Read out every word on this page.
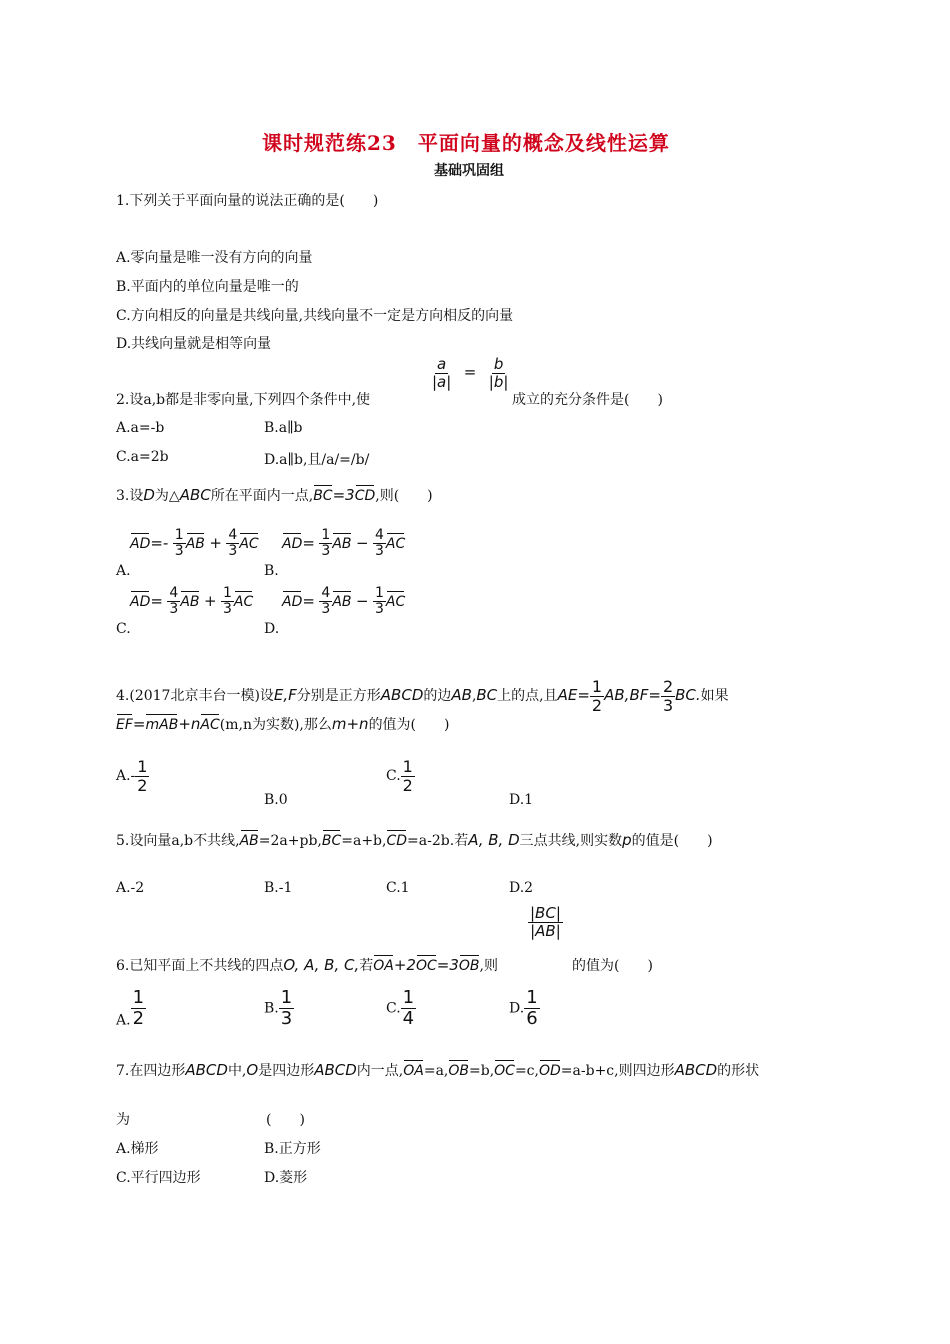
课时规范练23　平面向量的概念及线性运算
基础巩固组
1.下列关于平面向量的说法正确的是(　　)
A.零向量是唯一没有方向的向量
B.平面内的单位向量是唯一的
C.方向相反的向量是共线向量,共线向量不一定是方向相反的向量
D.共线向量就是相等向量
2.设a,b都是非零向量,下列四个条件中,使
$\frac{a}{|a|} = \frac{b}{|b|}$
成立的充分条件是(　　)
A.a=-b	B.a∥b
C.a=2b	D.a∥b,且/a/=/b/
3.设D为△ABC所在平面内一点,BC=3CD,则(　　)
A.
$AD=- \frac{1}{3}$ AB + $\frac{4}{3}$ AC
B.
$AD= \frac{1}{3}$ AB − $\frac{4}{3}$ AC
C.
$AD= \frac{4}{3}$ AB + $\frac{1}{3}$ AC
D.
$AD= \frac{4}{3}$ AB − $\frac{1}{3}$ AC
4.(2017北京丰台一模)设E,F分别是正方形ABCD的边AB,BC上的点,且$AE= \frac{1}{2} AB,BF= \frac{2}{3}$ BC.如果
EF=mAB+nAC(m,n为实数),那么m+n的值为(　　)
$A.- \frac{1}{2}$
B.0
C. $\frac{1}{2}$
D.1
5.设向量a,b不共线,AB=2a+pb,BC=a+b,CD=a-2b.若A, B, D三点共线,则实数p的值是(　　)
A.-2	B.-1	C.1	D.2
6.已知平面上不共线的四点O, A, B, C,若OA+2OC=3OB,则
$\frac{|BC|}{|AB|}$
的值为(　　)
A. $\frac{1}{2}$	B. $\frac{1}{3}$	C. $\frac{1}{4}$	D. $\frac{1}{6}$
7.在四边形ABCD中,O是四边形ABCD内一点,OA=a,OB=b,OC=c,OD=a-b+c,则四边形ABCD的形状
为	(　　)
A.梯形	B.正方形
C.平行四边形	D.菱形
